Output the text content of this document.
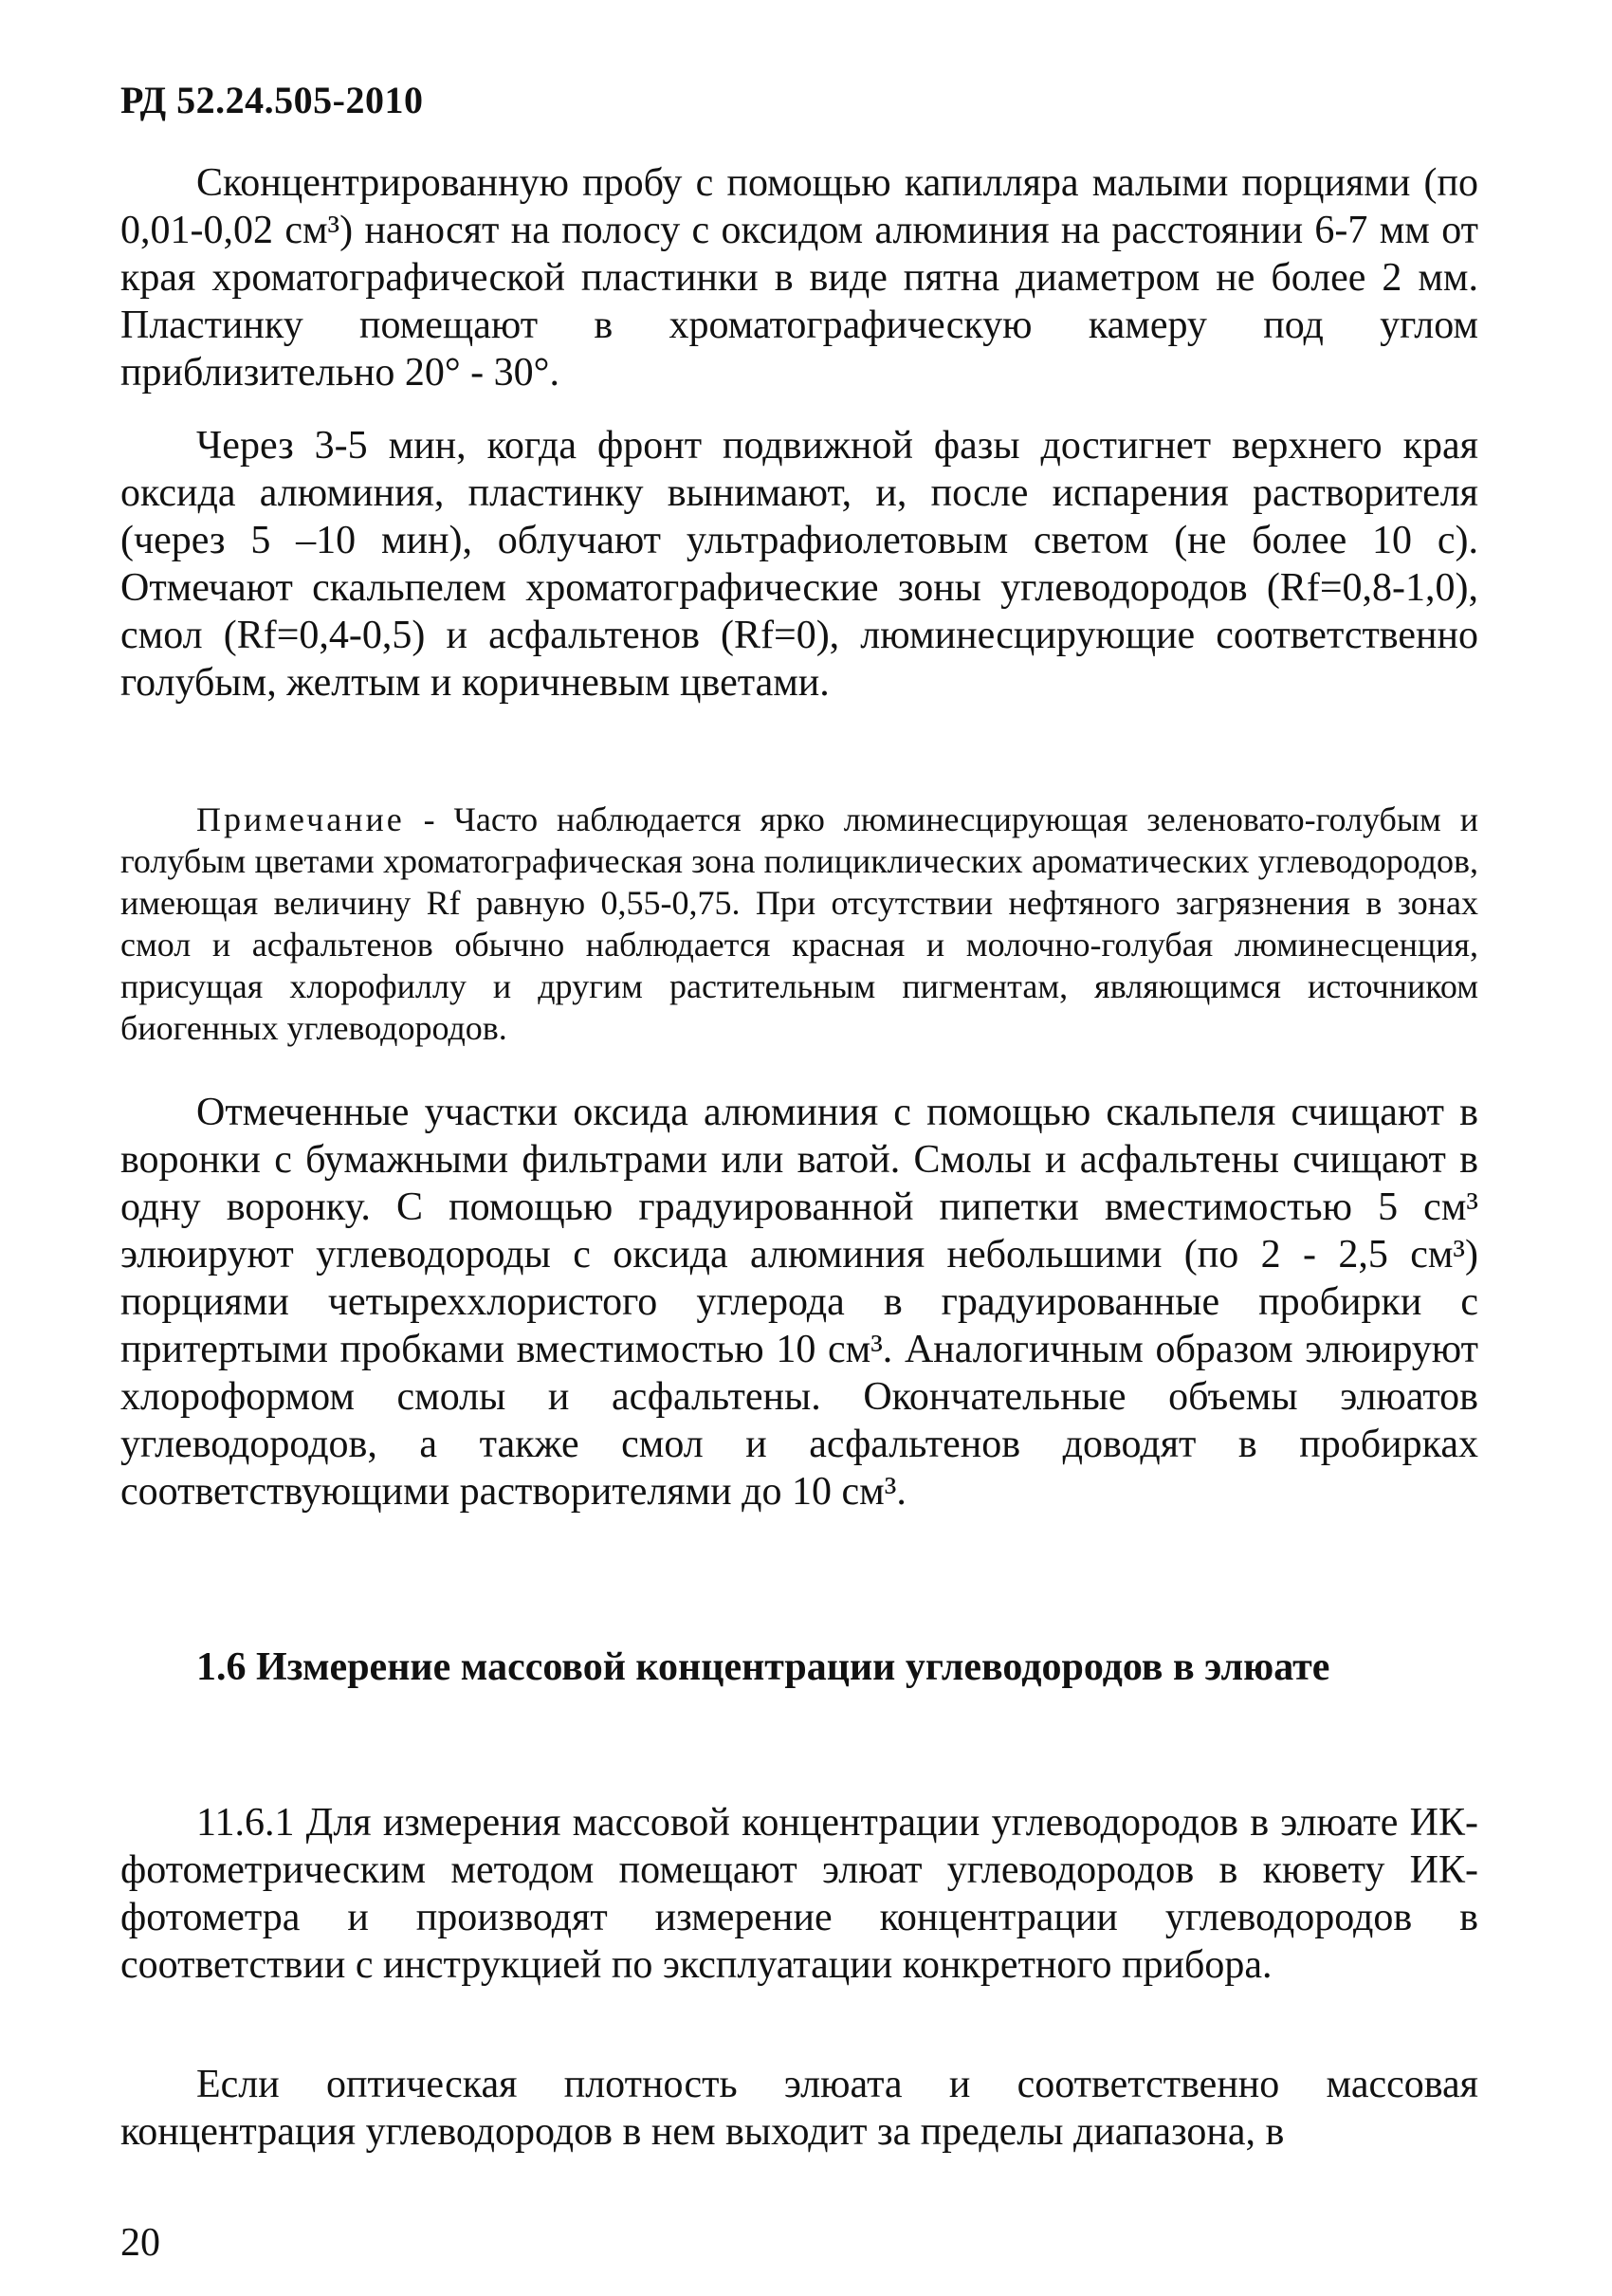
РД 52.24.505-2010

Сконцентрированную пробу с помощью капилляра малыми порциями (по 0,01-0,02 см³) наносят на полосу с оксидом алюминия на расстоянии 6-7 мм от края хроматографической пластинки в виде пятна диаметром не более 2 мм. Пластинку помещают в хроматографическую камеру под углом приблизительно 20° - 30°.

Через 3-5 мин, когда фронт подвижной фазы достигнет верхнего края оксида алюминия, пластинку вынимают, и, после испарения растворителя (через 5 –10 мин), облучают ультрафиолетовым светом (не более 10 с). Отмечают скальпелем хроматографические зоны углеводородов (Rf=0,8-1,0), смол (Rf=0,4-0,5) и асфальтенов (Rf=0), люминесцирующие соответственно голубым, желтым и коричневым цветами.

Примечание - Часто наблюдается ярко люминесцирующая зеленовато-голубым и голубым цветами хроматографическая зона полициклических ароматических углеводородов, имеющая величину Rf равную 0,55-0,75. При отсутствии нефтяного загрязнения в зонах смол и асфальтенов обычно наблюдается красная и молочно-голубая люминесценция, присущая хлорофиллу и другим растительным пигментам, являющимся источником биогенных углеводородов.

Отмеченные участки оксида алюминия с помощью скальпеля счищают в воронки с бумажными фильтрами или ватой. Смолы и асфальтены счищают в одну воронку. С помощью градуированной пипетки вместимостью 5 см³ элюируют углеводороды с оксида алюминия небольшими (по 2 - 2,5 см³) порциями четыреххлористого углерода в градуированные пробирки с притертыми пробками вместимостью 10 см³. Аналогичным образом элюируют хлороформом смолы и асфальтены. Окончательные объемы элюатов углеводородов, а также смол и асфальтенов доводят в пробирках соответствующими растворителями до 10 см³.

1.6 Измерение массовой концентрации углеводородов в элюате

11.6.1 Для измерения массовой концентрации углеводородов в элюате ИК-фотометрическим методом помещают элюат углеводородов в кювету ИК-фотометра и производят измерение концентрации углеводородов в соответствии с инструкцией по эксплуатации конкретного прибора.

Если оптическая плотность элюата и соответственно массовая концентрация углеводородов в нем выходит за пределы диапазона, в

20
